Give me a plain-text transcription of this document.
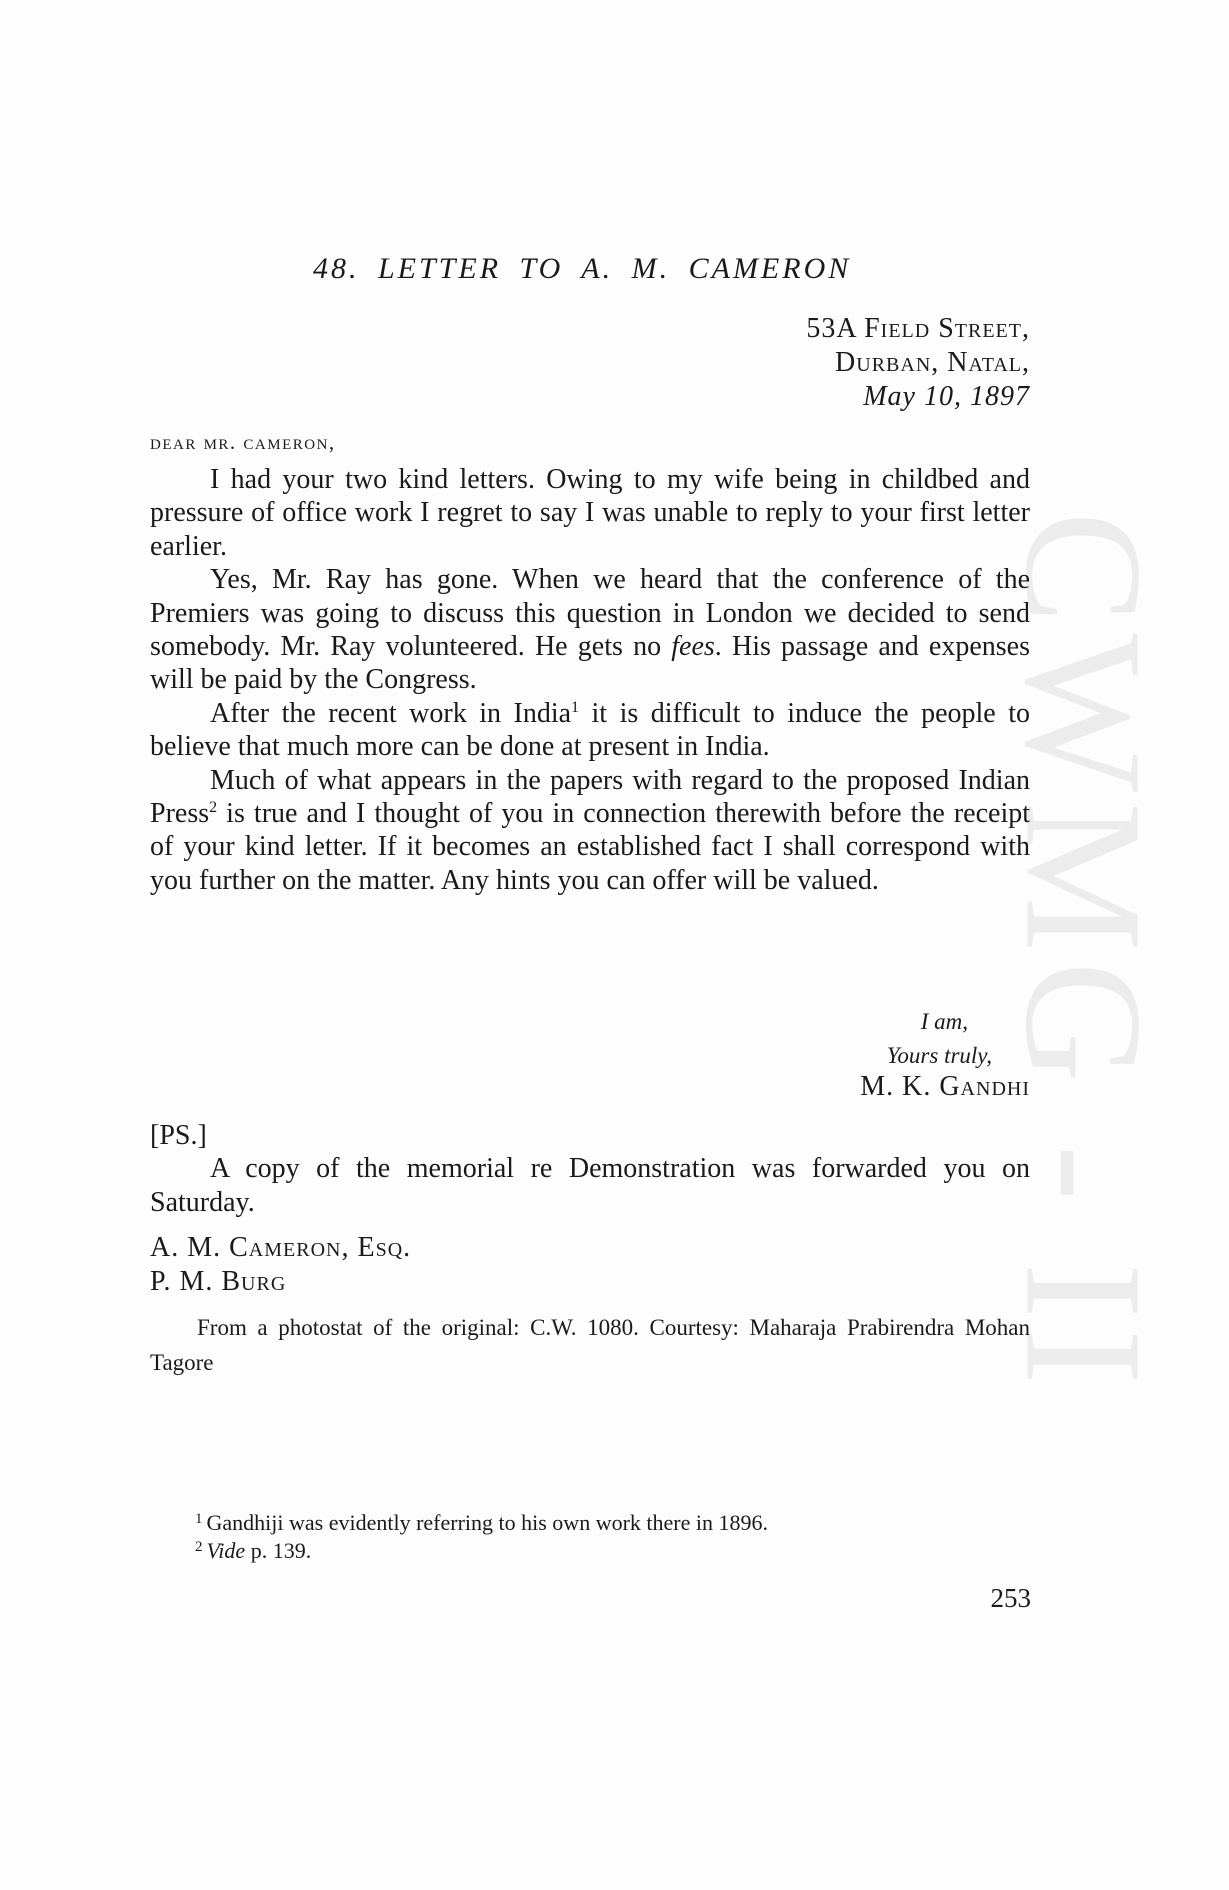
CWMG - II
48. LETTER TO A. M. CAMERON
53A Field Street,
Durban, Natal,
May 10, 1897
dear mr. cameron,

I had your two kind letters. Owing to my wife being in childbed and pressure of office work I regret to say I was unable to reply to your first letter earlier.

Yes, Mr. Ray has gone. When we heard that the conference of the Premiers was going to discuss this question in London we decided to send somebody. Mr. Ray volunteered. He gets no fees. His passage and expenses will be paid by the Congress.

After the recent work in India$^1$ it is difficult to induce the people to believe that much more can be done at present in India.

Much of what appears in the papers with regard to the proposed Indian Press$^2$ is true and I thought of you in connection therewith before the receipt of your kind letter. If it becomes an established fact I shall correspond with you further on the matter. Any hints you can offer will be valued.

I am,
Yours truly,
M. K. Gandhi
[PS.]

A copy of the memorial re Demonstration was forwarded you on Saturday.

A. M. Cameron, Esq.
P. M. Burg

From a photostat of the original: C.W. 1080. Courtesy: Maharaja Prabirendra Mohan Tagore

$^1$ Gandhiji was evidently referring to his own work there in 1896.
$^2$ Vide p. 139.
253
